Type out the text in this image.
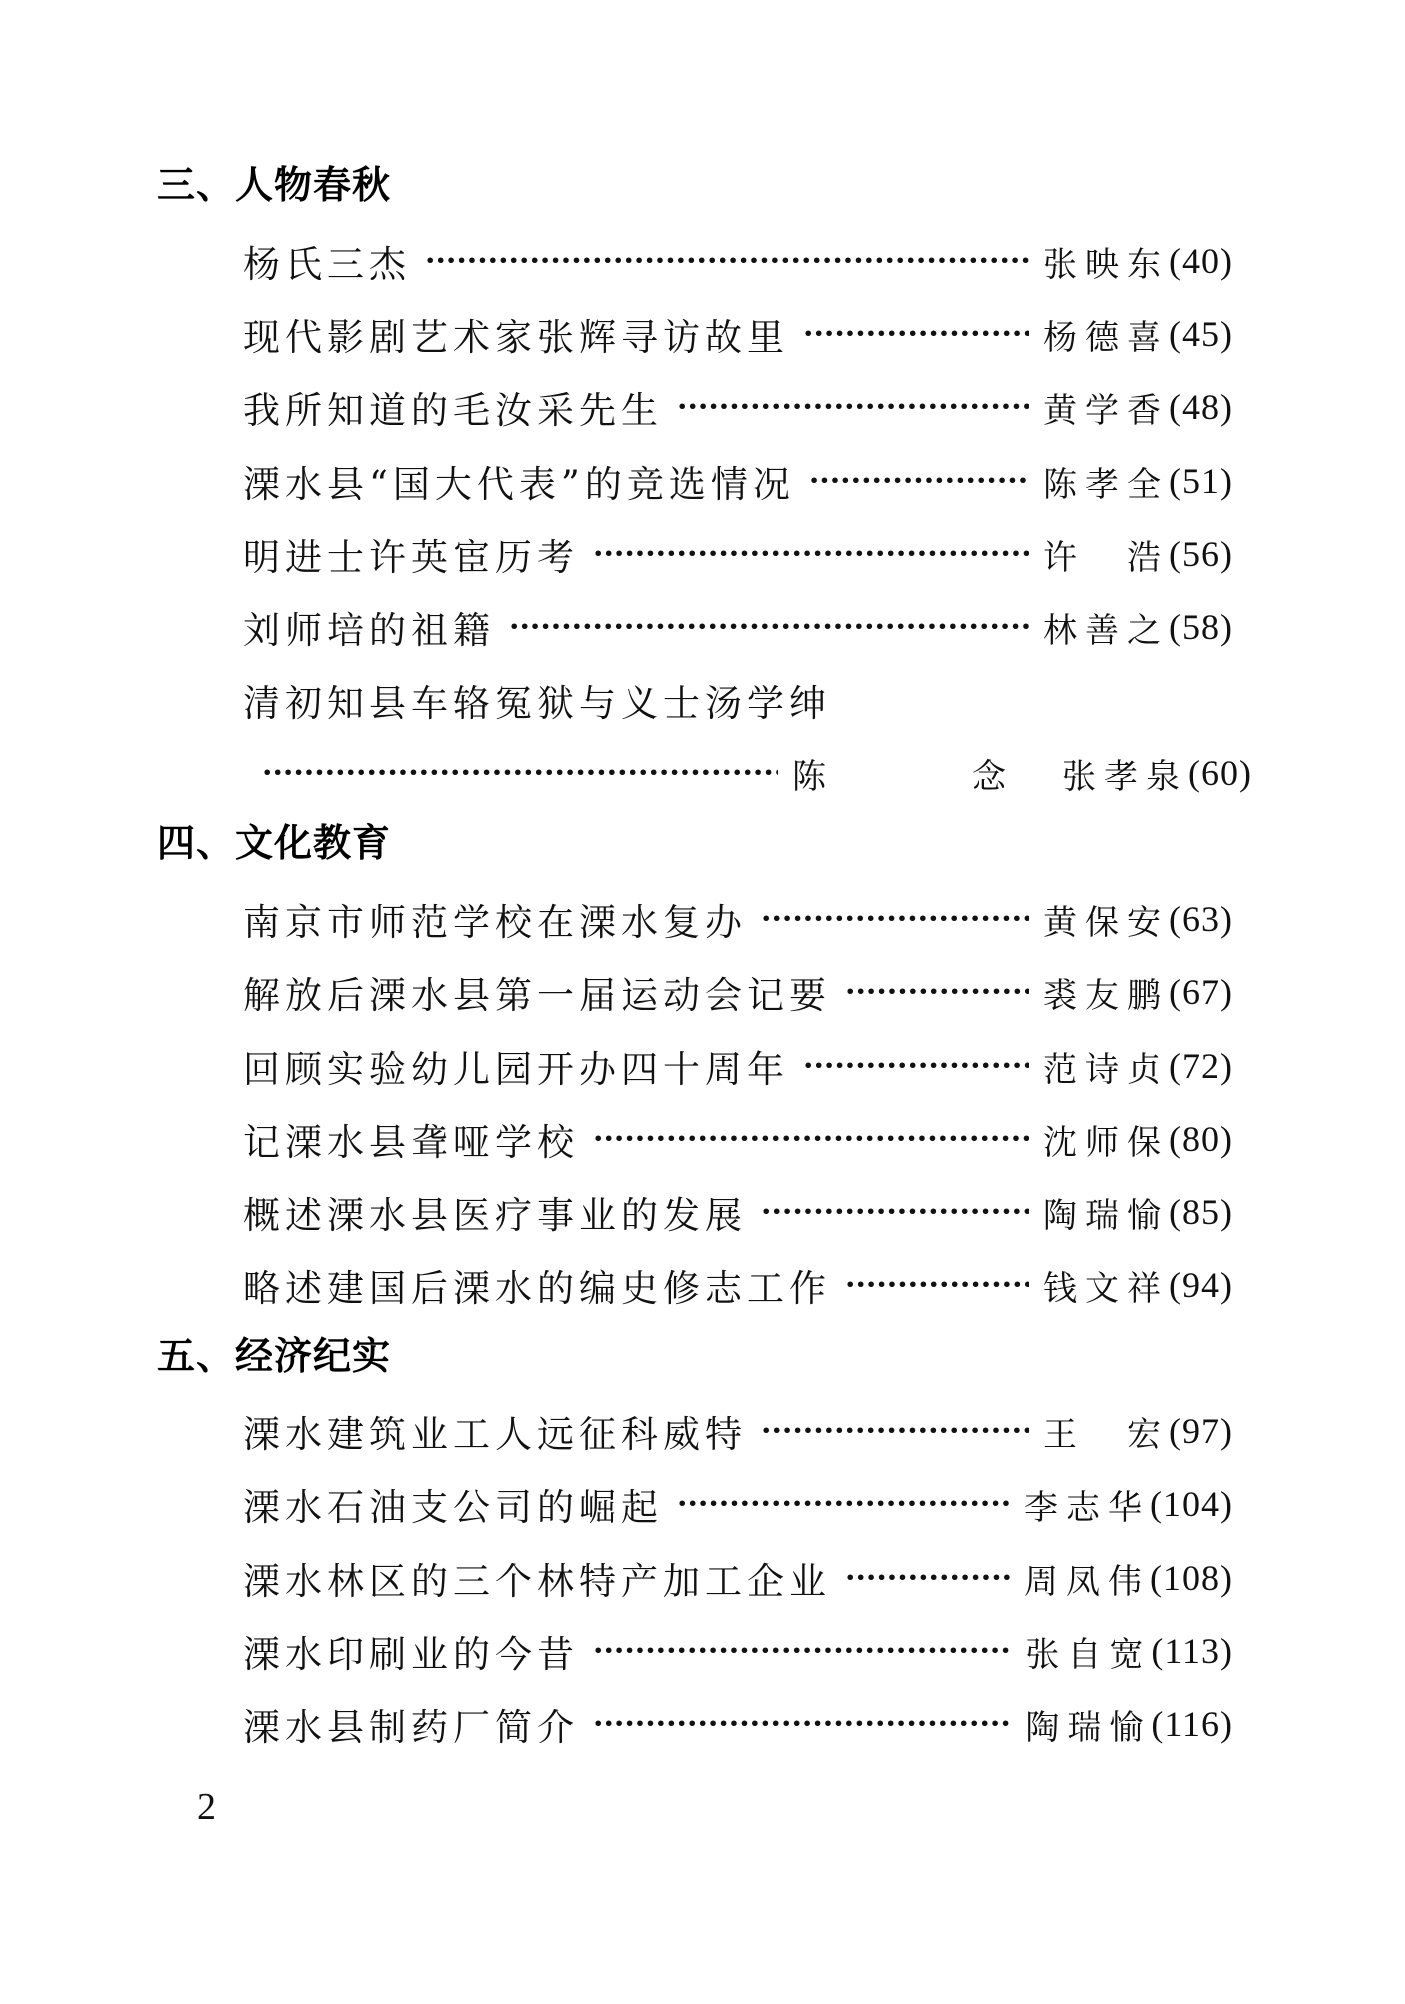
三、人物春秋
杨氏三杰 ·····	张映东 (40)
现代影剧艺术家张辉寻访故里 ·····	杨德喜 (45)
我所知道的毛汝采先生 ·····	黄学香 (48)
溧水县“国大代表”的竞选情况 ·····	陈孝全 (51)
明进士许英宦历考 ·····	许　浩 (56)
刘师培的祖籍 ·····	林善之 (58)
清初知县车辂冤狱与义士汤学绅
·····
陈　念 张孝泉 (60)
四、文化教育
南京市师范学校在溧水复办 ·····	黄保安 (63)
解放后溧水县第一届运动会记要 ·····	裘友鹏 (67)
回顾实验幼儿园开办四十周年 ·····	范诗贞 (72)
记溧水县聋哑学校 ·····	沈师保 (80)
概述溧水县医疗事业的发展 ·····	陶瑞愉 (85)
略述建国后溧水的编史修志工作 ·····	钱文祥 (94)
五、经济纪实
溧水建筑业工人远征科威特 ·····	王　宏 (97)
溧水石油支公司的崛起 ·····	李志华 (104)
溧水林区的三个林特产加工企业 ·····	周凤伟 (108)
溧水印刷业的今昔 ·····	张自宽 (113)
溧水县制药厂简介 ·····	陶瑞愉 (116)
2
